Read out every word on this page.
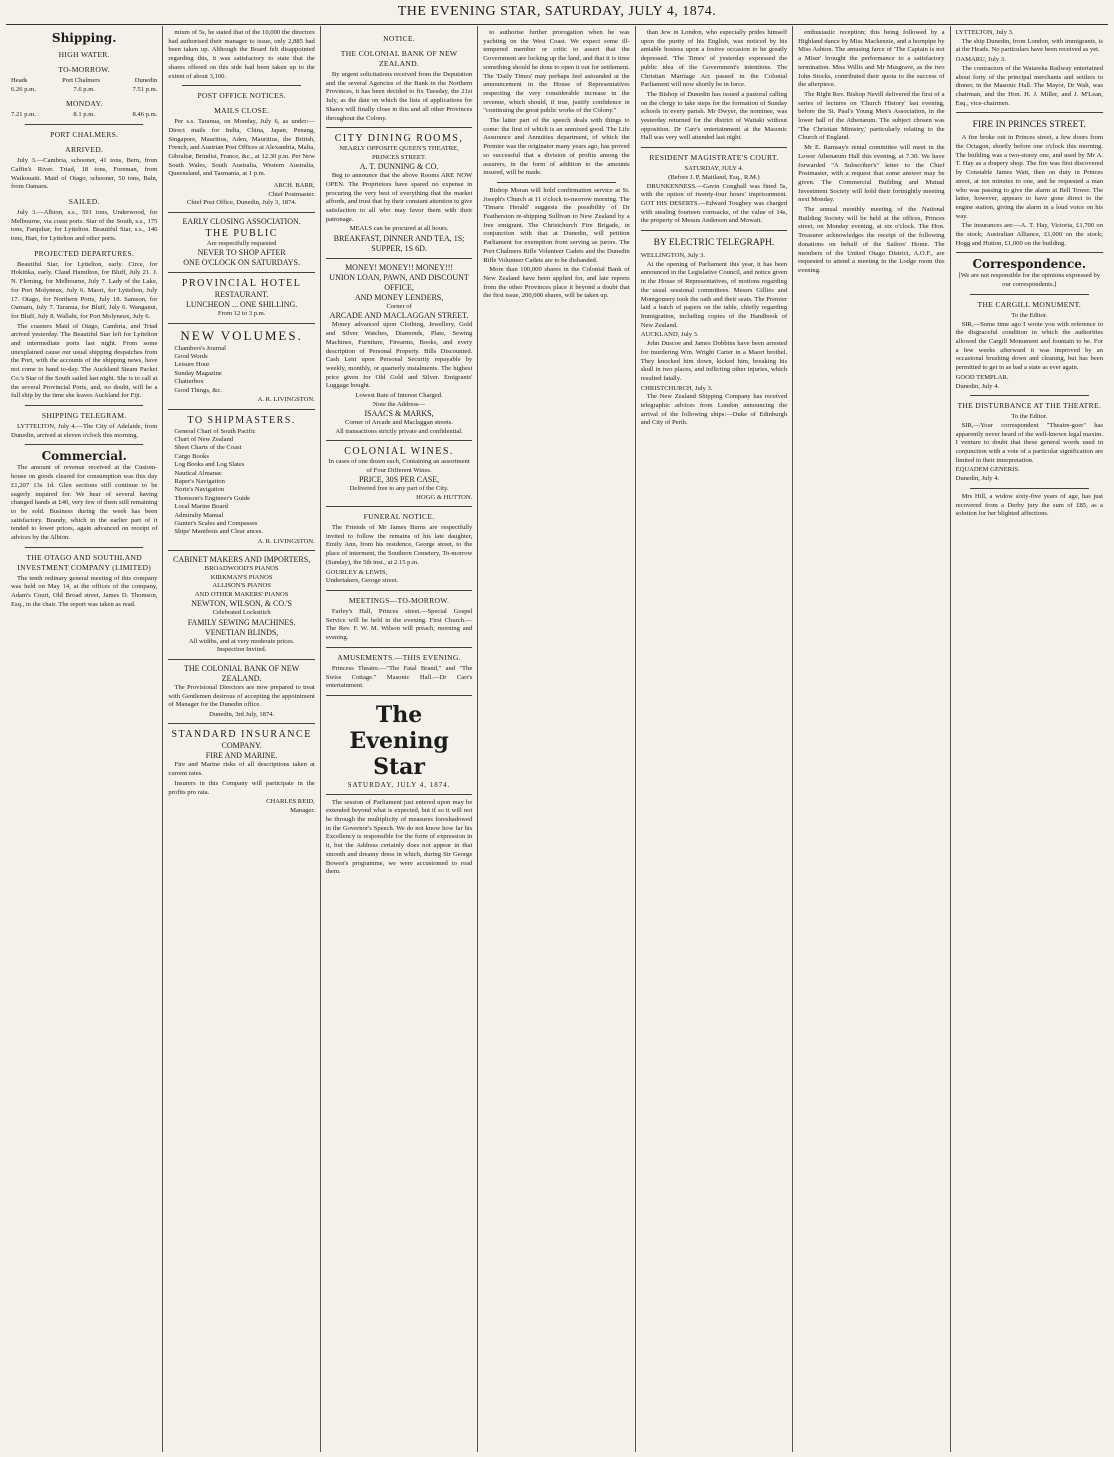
THE EVENING STAR, SATURDAY, JULY 4, 1874.
Shipping.
HIGH WATER.
TO-MORROW.
Heads	Port Chalmers	Dunedin
6.26 p.m.	7.6 p.m.	7.51 p.m.
MONDAY.
7.21 p.m.	8.1 p.m.	8.46 p.m.
PORT CHALMERS.
ARRIVED.

July 3.—Cambria, schooner, 41 tons, Bern, from Caffin's River. Triad, 18 tons, Foreman, from Waikouaiti. Maid of Otago, schooner, 50 tons, Baln, from Oamaru.

SAILED.

July 3.—Albion, s.s., 591 tons, Underwood, for Melbourne, via coast ports. Star of the South, s.s., 175 tons, Farquhar, for Lyttelton. Beautiful Star, s.s., 146 tons, Hart, for Lyttelton and other ports.

PROJECTED DEPARTURES.

Beautiful Star, for Lyttelton, early. Circe, for Hokitika, early. Claud Hamilton, for Bluff, July 21. J. N. Fleming, for Melbourne, July 7. Lady of the Lake, for Port Molyneux, July 6. Maori, for Lyttelton, July 17. Otago, for Northern Ports, July 18. Samson, for Oamaru, July 7. Taranua, for Bluff, July 6. Wanganui, for Bluff, July 8. Wallabi, for Port Molyneux, July 6.

The coasters Maid of Otago, Cambria, and Triad arrived yesterday. The Beautiful Star left for Lyttelton and intermediate ports last night. From some unexplained cause our usual shipping despatches from the Port, with the accounts of the shipping news, have not come to hand to-day. The Auckland Steam Packet Co.'s Star of the South sailed last night. She is to call at the several Provincial Ports, and, no doubt, will be a full ship by the time she leaves Auckland for Fiji.

SHIPPING TELEGRAM.

LYTTELTON, July 4.—The City of Adelaide, from Dunedin, arrived at eleven o'clock this morning.

Commercial.

The amount of revenue received at the Custom-house on goods cleared for consumption was this day £1,207 13s 1d. Glen sections still continue to be eagerly inquired for. We hear of several having changed hands at £40, very few of them still remaining to be sold. Business during the week has been satisfactory. Brandy, which in the earlier part of it tended to lower prices, again advanced on receipt of advices by the Albion.

THE OTAGO AND SOUTHLAND INVESTMENT COMPANY (LIMITED)

The tenth ordinary general meeting of this company was held on May 14, at the offices of the company, Adam's Court, Old Broad street, James D. Thomson, Esq., in the chair. The report was taken as read.

mium of 5s, he stated that of the 10,000 the directors had authorised their manager to issue, only 2,885 had been taken up. Although the Board felt disappointed regarding this, it was satisfactory to state that the shares offered on this side had been taken up to the extent of about 3,100.

POST OFFICE NOTICES.
MAILS CLOSE.

Per s.s. Taranua, on Monday, July 6, as under:— Direct mails for India, China, Japan, Penang, Singapore, Mauritius, Aden, Mauritius, the British, French, and Austrian Post Offices at Alexandria, Malta, Gibraltar, Brindisi, France, &c., at 12.30 p.m. Per New South Wales, South Australia, Western Australia, Queensland, and Tasmania, at 1 p.m.

ARCH. BARR,
Chief Postmaster.
Chief Post Office, Dunedin, July 3, 1874.
EARLY CLOSING ASSOCIATION.
THE PUBLIC
Are respectfully requested
NEVER TO SHOP AFTER
ONE O'CLOCK ON SATURDAYS.
PROVINCIAL HOTEL
RESTAURANT.
LUNCHEON ... ONE SHILLING.
From 12 to 3 p.m.
NEW VOLUMES.
Chambers's Journal
Good Words
Leisure Hour
Sunday Magazine
Chatterbox
Good Things, &c.
A. R. LIVINGSTON.
TO SHIPMASTERS.
General Chart of South Pacific
Chart of New Zealand
Sheet Charts of the Coast
Cargo Books
Log Books and Log Slates
Nautical Almanac
Raper's Navigation
Norie's Navigation
Thomson's Engineer's Guide
Local Marine Board
Admiralty Manual
Gunter's Scales and Compasses
Ships' Manifests and Clear ances.
A. R. LIVINGSTON.
CABINET MAKERS AND IMPORTERS,
BROADWOOD'S PIANOS
KIRKMAN'S PIANOS
ALLISON'S PIANOS
AND OTHER MAKERS' PIANOS
NEWTON, WILSON, & CO.'S
Celebrated Lockstitch
FAMILY SEWING MACHINES.
VENETIAN BLINDS,
All widths, and at very moderate prices.
Inspection Invited.
THE COLONIAL BANK OF NEW ZEALAND.

The Provisional Directors are now prepared to treat with Gentlemen desirous of accepting the appointment of Manager for the Dunedin office.

Dunedin, 3rd July, 1874.
STANDARD INSURANCE
COMPANY.
FIRE AND MARINE.

Fire and Marine risks of all descriptions taken at current rates.

Insurers in this Company will participate in the profits pro rata.

CHARLES REID,
Manager.
NOTICE.
THE COLONIAL BANK OF NEW ZEALAND.

By urgent solicitations received from the Deputation and the several Agencies of the Bank in the Northern Provinces, it has been decided to fix Tuesday, the 21st July, as the date on which the lists of applications for Shares will finally close in this and all other Provinces throughout the Colony.

CITY DINING ROOMS,
NEARLY OPPOSITE QUEEN'S THEATRE, PRINCES STREET.
A. T. DUNNING & CO.

Beg to announce that the above Rooms ARE NOW OPEN. The Proprietors have spared no expense in procuring the very best of everything that the market affords, and trust that by their constant attention to give satisfaction to all who may favor them with their patronage.

MEALS can be procured at all hours.
BREAKFAST, DINNER AND TEA, 1S; SUPPER, 1S 6D.
MONEY! MONEY!! MONEY!!!
UNION LOAN, PAWN, AND DISCOUNT OFFICE,
AND MONEY LENDERS,
Corner of
ARCADE AND MACLAGGAN STREET.

Money advanced upon Clothing, Jewellery, Gold and Silver Watches, Diamonds, Plate, Sewing Machines, Furniture, Firearms, Books, and every description of Personal Property. Bills Discounted. Cash Lent upon Personal Security repayable by weekly, monthly, or quarterly instalments. The highest price given for Old Gold and Silver. Emigrants' Luggage bought.

Lowest Rate of Interest Charged.
Note the Address—
ISAACS & MARKS,
Corner of Arcade and Maclaggan streets.
All transactions strictly private and confidential.
COLONIAL WINES.
In cases of one dozen each, Containing an assortment of Four Different Wines.
PRICE, 30S PER CASE,
Delivered free to any part of the City.
HOGG & HUTTON.
FUNERAL NOTICE.

The Friends of Mr James Burns are respectfully invited to follow the remains of his late daughter, Emily Ann, from his residence, George street, to the place of interment, the Southern Cemetery, To-morrow (Sunday), the 5th inst., at 2.15 p.m.

GOURLEY & LEWIS,
Undertakers, George street.
MEETINGS—TO-MORROW.

Farley's Hall, Princes street.—Special Gospel Service will be held in the evening. First Church.—The Rev. F. W. M. Wilson will preach, morning and evening.

AMUSEMENTS.—THIS EVENING.

Princess Theatre.—"The Fatal Brand," and "The Swiss Cottage." Masonic Hall.—Dr Carr's entertainment.

The Evening Star
SATURDAY, JULY 4, 1874.

The session of Parliament just entered upon may be extended beyond what is expected, but if so it will not be through the multiplicity of measures foreshadowed in the Governor's Speech. We do not know how far his Excellency is responsible for the form of expression in it, but the Address certainly does not appear in that smooth and dreamy dress in which, during Sir George Bowen's programme, we were accustomed to read them.

to authorise further prorogation when he was yachting on the West Coast. We expect some ill-tempered member or critic to assert that the Government are locking up the land, and that it is time something should be done to open it out for settlement. The 'Daily Times' may perhaps feel astounded at the announcement in the House of Representatives respecting the very considerable increase in the revenue, which should, if true, justify confidence in "continuing the great public works of the Colony."

The latter part of the speech deals with things to come: the first of which is an unmixed good. The Life Assurance and Annuities department, of which the Premier was the originator many years ago, has proved so successful that a division of profits among the assurers, in the form of addition to the amounts insured, will be made.

Bishop Moran will hold confirmation service at St. Joseph's Church at 11 o'clock to-morrow morning. The 'Timaru Herald' suggests the possibility of Dr Featherston re-shipping Sullivan to New Zealand by a free emigrant. The Christchurch Fire Brigade, in conjunction with that at Dunedin, will petition Parliament for exemption from serving as jurors. The Port Chalmers Rifle Volunteer Cadets and the Dunedin Rifle Volunteer Cadets are to be disbanded.

More than 100,000 shares in the Colonial Bank of New Zealand have been applied for, and late reports from the other Provinces place it beyond a doubt that the first issue, 200,000 shares, will be taken up.

than Jew in London, who especially prides himself upon the purity of his English, was noticed by his amiable hostess upon a festive occasion to be greatly depressed. 'The Times' of yesterday expressed the public idea of the Government's intentions. The Christian Marriage Act passed in the Colonial Parliament will now shortly be in force.

The Bishop of Dunedin has issued a pastoral calling on the clergy to take steps for the formation of Sunday schools in every parish. Mr Dwyer, the nominee, was yesterday returned for the district of Waitaki without opposition. Dr Carr's entertainment at the Masonic Hall was very well attended last night.

RESIDENT MAGISTRATE'S COURT.
SATURDAY, JULY 4.
(Before J. P. Maitland, Esq., R.M.)

DRUNKENNESS.—Gavin Conghall was fined 5s, with the option of twenty-four hours' imprisonment. GOT HIS DESERTS.—Edward Toughey was charged with stealing fourteen cornsacks, of the value of 14s, the property of Messrs Anderson and Mowatt.

BY ELECTRIC TELEGRAPH.
WELLINGTON, July 3.

At the opening of Parliament this year, it has been announced in the Legislative Council, and notice given in the House of Representatives, of motions regarding the usual sessional committees. Messrs Gillies and Montgomery took the oath and their seats. The Premier laid a batch of papers on the table, chiefly regarding Immigration, including copies of the Handbook of New Zealand.

AUCKLAND, July 3.

John Duscoe and James Dobbins have been arrested for murdering Wm. Wright Carter in a Maori brothel. They knocked him down, kicked him, breaking his skull in two places, and inflicting other injuries, which resulted fatally.

CHRISTCHURCH, July 3.

The New Zealand Shipping Company has received telegraphic advices from London announcing the arrival of the following ships:—Duke of Edinburgh and City of Perth.

enthusiastic reception; this being followed by a Highland dance by Miss Mackenzie, and a hornpipe by Miss Ashton. The amusing farce of 'The Captain is not a Miser' brought the performance to a satisfactory termination. Miss Willis and Mr Musgrave, as the two John Stocks, contributed their quota to the success of the afterpiece.

The Right Rev. Bishop Nevill delivered the first of a series of lectures on 'Church History' last evening, before the St. Paul's Young Men's Association, in the lower hall of the Athenæum. The subject chosen was 'The Christian Ministry,' particularly relating to the Church of England.

Mr E. Ramsay's rental committee will meet in the Lower Athenæum Hall this evening, at 7.30. We have forwarded "A Subscriber's" letter to the Chief Postmaster, with a request that some answer may be given. The Commercial Building and Mutual Investment Society will hold their fortnightly meeting next Monday.

The annual monthly meeting of the National Building Society will be held at the offices, Princes street, on Monday evening, at six o'clock. The Hon. Treasurer acknowledges the receipt of the following donations on behalf of the Sailors' Home. The members of the United Otago District, A.O.F., are requested to attend a meeting in the Lodge room this evening.

LYTTELTON, July 3.

The ship Dunedin, from London, with immigrants, is at the Heads. No particulars have been received as yet.

OAMARU, July 3.

The contractors of the Waiareka Railway entertained about forty of the principal merchants and settlers to dinner, in the Masonic Hall. The Mayor, Dr Walt, was chairman, and the Hon. H. J. Miller, and J. M'Lean, Esq., vice-chairmen.

FIRE IN PRINCES STREET.

A fire broke out in Princes street, a few doors from the Octagon, shortly before one o'clock this morning. The building was a two-storey one, and used by Mr A. T. Hay as a drapery shop. The fire was first discovered by Constable James Watt, then on duty in Princes street, at ten minutes to one, and he requested a man who was passing to give the alarm at Bell Tower. The latter, however, appears to have gone direct to the engine station, giving the alarm in a loud voice on his way.

The insurances are:—A. T. Hay, Victoria, £1,700 on the stock; Australian Alliance, £1,000 on the stock; Hogg and Hutton, £1,000 on the building.

Correspondence.
[We are not responsible for the opinions expressed by our correspondents.]
THE CARGILL MONUMENT.
To the Editor.

SIR,—Some time ago I wrote you with reference to the disgraceful condition in which the authorities allowed the Cargill Monument and fountain to be. For a few weeks afterward it was improved by an occasional brushing down and cleaning, but has been permitted to get in as bad a state as ever again.

GOOD TEMPLAR.
Dunedin, July 4.
THE DISTURBANCE AT THE THEATRE.
To the Editor.

SIR,—Your correspondent "Theatre-goer" has apparently never heard of the well-known legal maxim. I venture to doubt that these general words used in conjunction with a vote of a particular signification are limited in their interpretation.

EQUADEM GENERIS.
Dunedin, July 4.

Mrs Hill, a widow sixty-five years of age, has just recovered from a Derby jury the sum of £85, as a solution for her blighted affections.
